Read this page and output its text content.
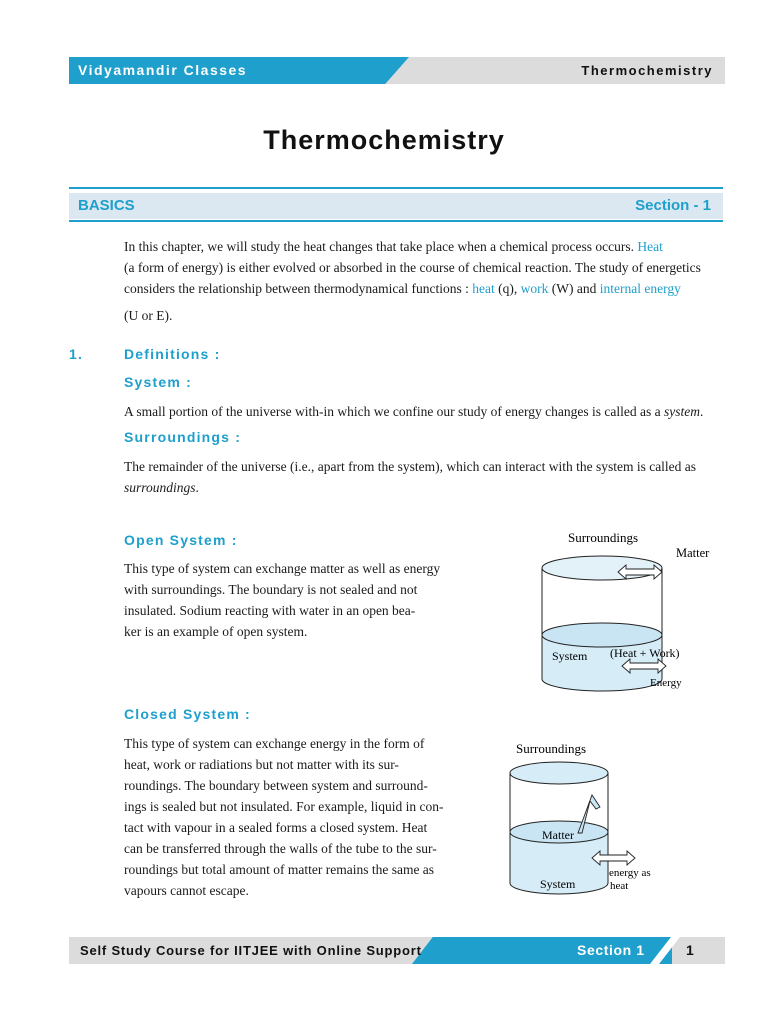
Vidyamandir Classes	Thermochemistry
Thermochemistry
BASICS	Section - 1
In this chapter, we will study the heat changes that take place when a chemical process occurs. Heat
(a form of energy) is either evolved or absorbed in the course of chemical reaction. The study of energetics
considers the relationship between thermodynamical functions : heat (q), work (W) and internal energy
(U or E).
1.	Definitions :
System :
A small portion of the universe with-in which we confine our study of energy changes is called as a system.
Surroundings :
The remainder of the universe (i.e., apart from the system), which can interact with the system is called as
surroundings.
Open System :
This type of system can exchange matter as well as energy
with surroundings. The boundary is not sealed and not
insulated. Sodium reacting with water in an open bea-
ker is an example of open system.
Surroundings
Matter
System (Heat + Work)
Energy
Closed System :
This type of system can exchange energy in the form of
heat, work or radiations but not matter with its sur-
roundings. The boundary between system and surround-
ings is sealed but not insulated. For example, liquid in con-
tact with vapour in a sealed forms a closed system. Heat
can be transferred through the walls of the tube to the sur-
roundings but total amount of matter remains the same as
vapours cannot escape.
Surroundings
Matter
System
energy as
heat
Self Study Course for IITJEE with Online Support	Section 1	1
